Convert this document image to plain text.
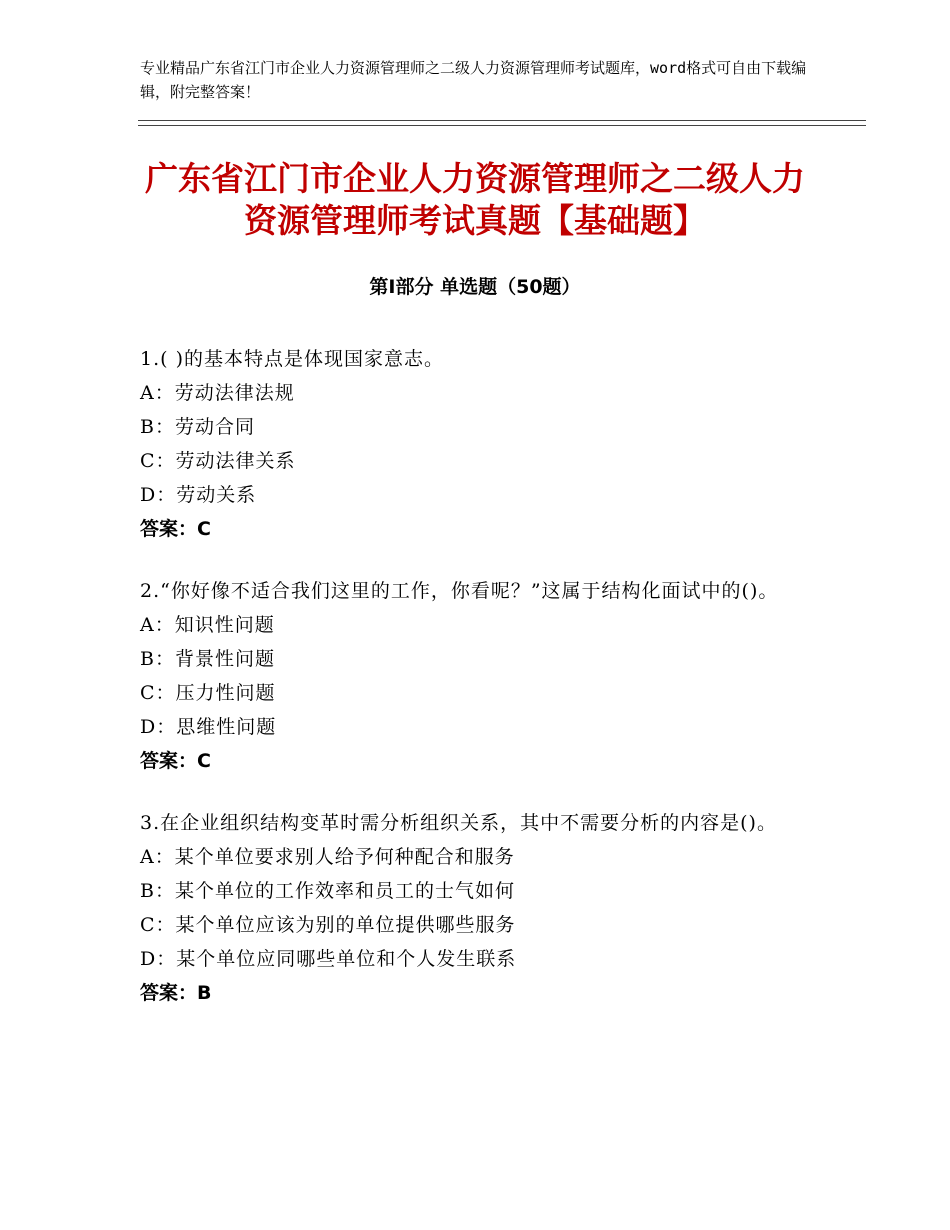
专业精品广东省江门市企业人力资源管理师之二级人力资源管理师考试题库，word格式可自由下载编辑，附完整答案！
广东省江门市企业人力资源管理师之二级人力资源管理师考试真题【基础题】
第Ⅰ部分 单选题（50题）
1.( )的基本特点是体现国家意志。
A：劳动法律法规
B：劳动合同
C：劳动法律关系
D：劳动关系
答案：C
2.“你好像不适合我们这里的工作，你看呢？”这属于结构化面试中的()。
A：知识性问题
B：背景性问题
C：压力性问题
D：思维性问题
答案：C
3.在企业组织结构变革时需分析组织关系，其中不需要分析的内容是()。
A：某个单位要求别人给予何种配合和服务
B：某个单位的工作效率和员工的士气如何
C：某个单位应该为别的单位提供哪些服务
D：某个单位应同哪些单位和个人发生联系
答案：B
